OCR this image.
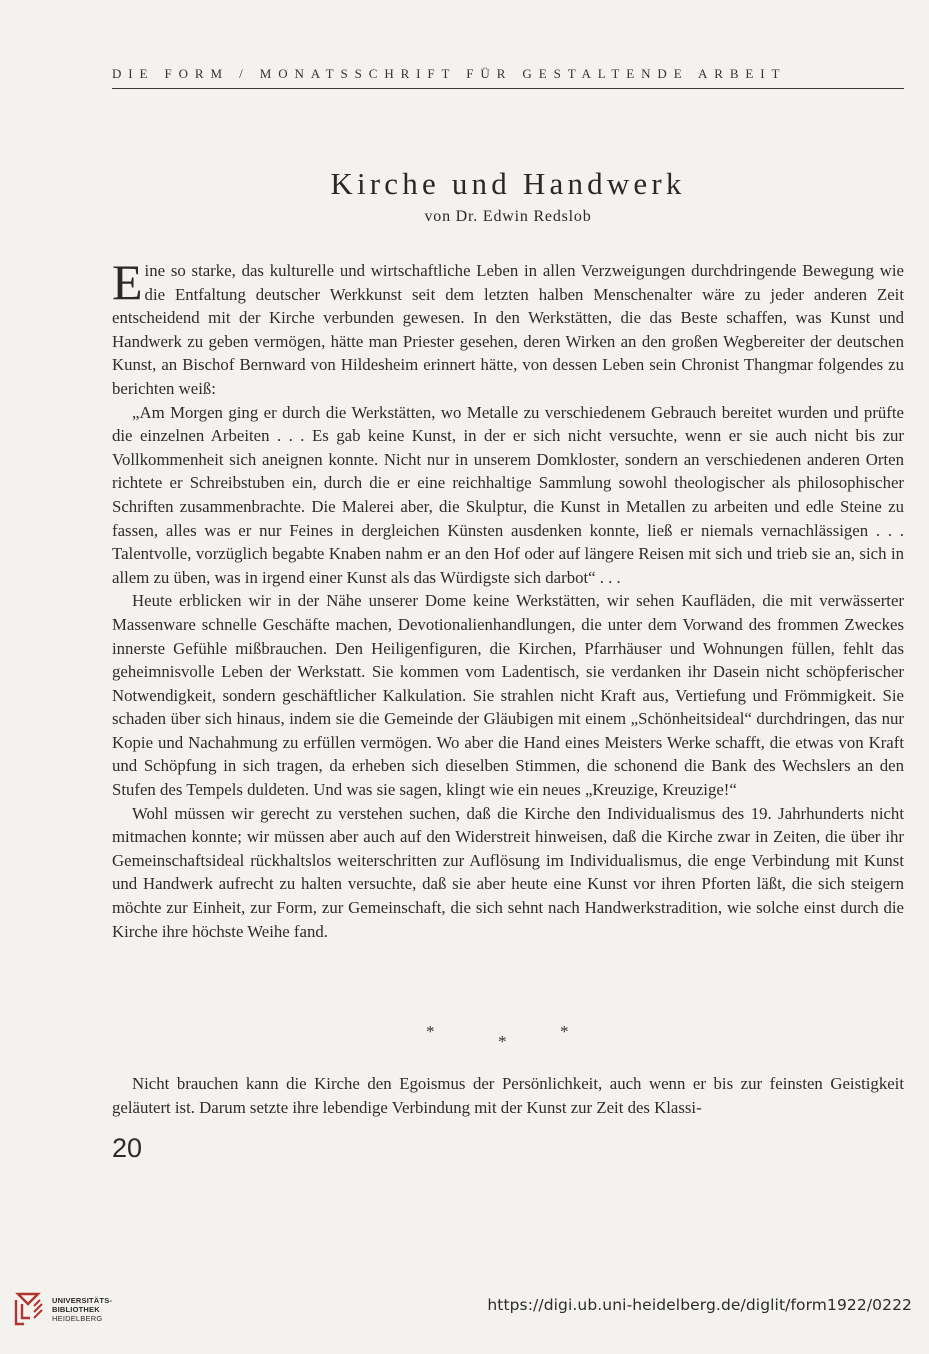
DIE FORM / MONATSSCHRIFT FÜR GESTALTENDE ARBEIT
Kirche und Handwerk
von Dr. Edwin Redslob

Eine so starke, das kulturelle und wirtschaftliche Leben in allen Verzweigungen durchdringende Bewegung wie die Entfaltung deutscher Werkkunst seit dem letzten halben Menschenalter wäre zu jeder anderen Zeit entscheidend mit der Kirche verbunden gewesen. In den Werkstätten, die das Beste schaffen, was Kunst und Handwerk zu geben vermögen, hätte man Priester gesehen, deren Wirken an den großen Wegbereiter der deutschen Kunst, an Bischof Bernward von Hildesheim erinnert hätte, von dessen Leben sein Chronist Thangmar folgendes zu berichten weiß:

„Am Morgen ging er durch die Werkstätten, wo Metalle zu verschiedenem Gebrauch bereitet wurden und prüfte die einzelnen Arbeiten . . . Es gab keine Kunst, in der er sich nicht versuchte, wenn er sie auch nicht bis zur Vollkommenheit sich aneignen konnte. Nicht nur in unserem Domkloster, sondern an verschiedenen anderen Orten richtete er Schreibstuben ein, durch die er eine reichhaltige Sammlung sowohl theologischer als philosophischer Schriften zusammenbrachte. Die Malerei aber, die Skulptur, die Kunst in Metallen zu arbeiten und edle Steine zu fassen, alles was er nur Feines in dergleichen Künsten ausdenken konnte, ließ er niemals vernachlässigen . . . Talentvolle, vorzüglich begabte Knaben nahm er an den Hof oder auf längere Reisen mit sich und trieb sie an, sich in allem zu üben, was in irgend einer Kunst als das Würdigste sich darbot“ . . .

Heute erblicken wir in der Nähe unserer Dome keine Werkstätten, wir sehen Kaufläden, die mit verwässerter Massenware schnelle Geschäfte machen, Devotionalienhandlungen, die unter dem Vorwand des frommen Zweckes innerste Gefühle mißbrauchen. Den Heiligenfiguren, die Kirchen, Pfarrhäuser und Wohnungen füllen, fehlt das geheimnisvolle Leben der Werkstatt. Sie kommen vom Ladentisch, sie verdanken ihr Dasein nicht schöpferischer Notwendigkeit, sondern geschäftlicher Kalkulation. Sie strahlen nicht Kraft aus, Vertiefung und Frömmigkeit. Sie schaden über sich hinaus, indem sie die Gemeinde der Gläubigen mit einem „Schönheitsideal“ durchdringen, das nur Kopie und Nachahmung zu erfüllen vermögen. Wo aber die Hand eines Meisters Werke schafft, die etwas von Kraft und Schöpfung in sich tragen, da erheben sich dieselben Stimmen, die schonend die Bank des Wechslers an den Stufen des Tempels duldeten. Und was sie sagen, klingt wie ein neues „Kreuzige, Kreuzige!“

Wohl müssen wir gerecht zu verstehen suchen, daß die Kirche den Individualismus des 19. Jahrhunderts nicht mitmachen konnte; wir müssen aber auch auf den Widerstreit hinweisen, daß die Kirche zwar in Zeiten, die über ihr Gemeinschaftsideal rückhaltslos weiterschritten zur Auflösung im Individualismus, die enge Verbindung mit Kunst und Handwerk aufrecht zu halten versuchte, daß sie aber heute eine Kunst vor ihren Pforten läßt, die sich steigern möchte zur Einheit, zur Form, zur Gemeinschaft, die sich sehnt nach Handwerkstradition, wie solche einst durch die Kirche ihre höchste Weihe fand.

*
*
*

Nicht brauchen kann die Kirche den Egoismus der Persönlichkeit, auch wenn er bis zur feinsten Geistigkeit geläutert ist. Darum setzte ihre lebendige Verbindung mit der Kunst zur Zeit des Klassi-

20
UNIVERSITÄTS-
BIBLIOTHEK
HEIDELBERG
https://digi.ub.uni-heidelberg.de/diglit/form1922/0222
